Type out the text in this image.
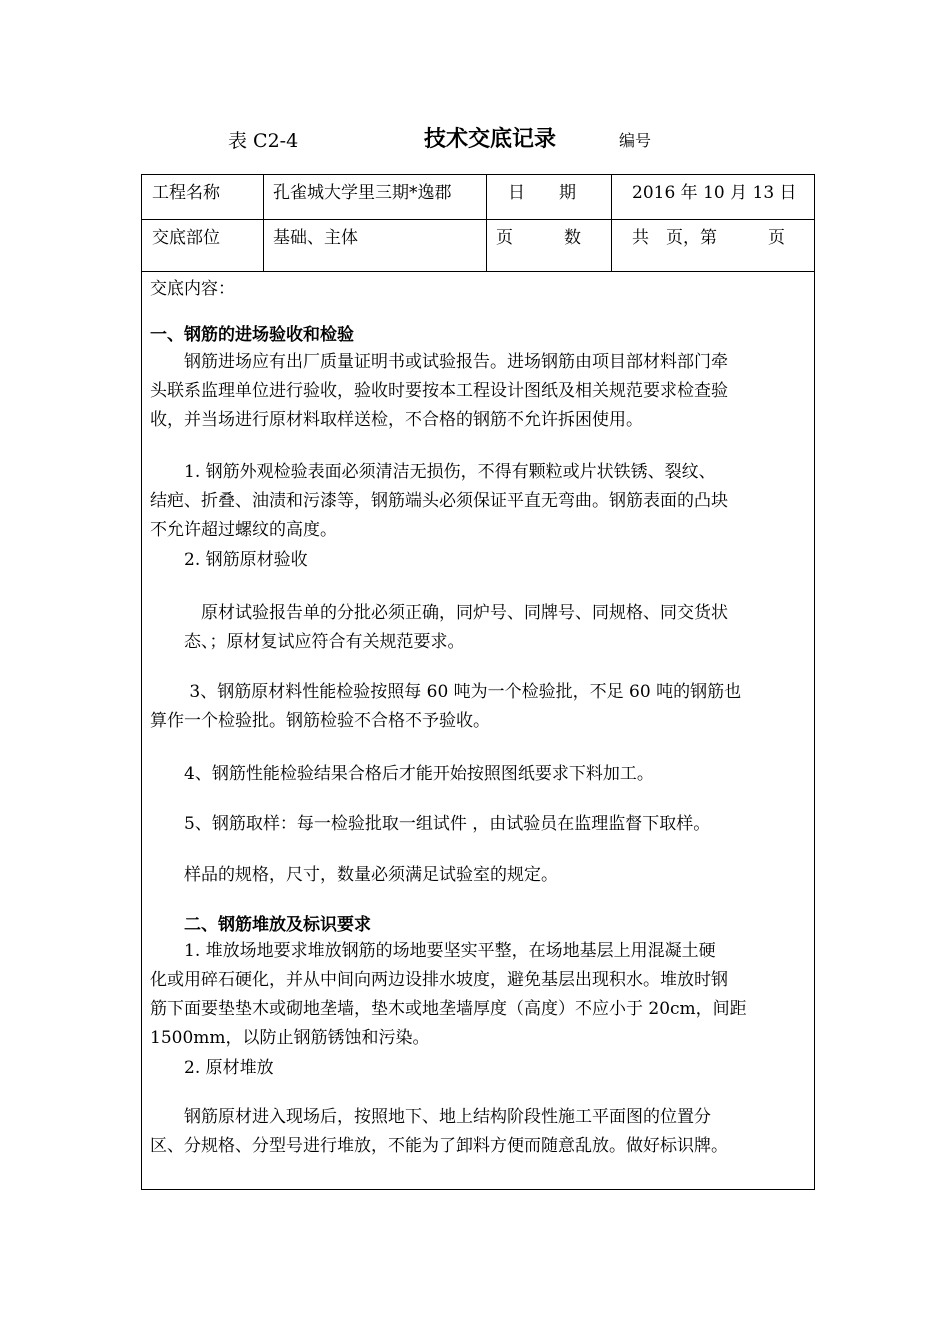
表 C2-4	技术交底记录	编号
工程名称	孔雀城大学里三期*逸郡	日　　期	2016 年 10 月 13 日
交底部位	基础、主体	页　　　数	共　页，第　　　页

交底内容：

一、钢筋的进场验收和检验

　　钢筋进场应有出厂质量证明书或试验报告。进场钢筋由项目部材料部门牵
头联系监理单位进行验收，验收时要按本工程设计图纸及相关规范要求检查验
收，并当场进行原材料取样送检，不合格的钢筋不允许拆困使用。

　　1. 钢筋外观检验表面必须清洁无损伤，不得有颗粒或片状铁锈、裂纹、
结疤、折叠、油渍和污漆等，钢筋端头必须保证平直无弯曲。钢筋表面的凸块
不允许超过螺纹的高度。

　　2. 钢筋原材验收

　　　原材试验报告单的分批必须正确，同炉号、同牌号、同规格、同交货状
　　态、；原材复试应符合有关规范要求。

　　 3、钢筋原材料性能检验按照每 60 吨为一个检验批，不足 60 吨的钢筋也
算作一个检验批。钢筋检验不合格不予验收。

　　4、钢筋性能检验结果合格后才能开始按照图纸要求下料加工。

　　5、钢筋取样：每一检验批取一组试件 ，由试验员在监理监督下取样。

　　样品的规格，尺寸，数量必须满足试验室的规定。

　　二、钢筋堆放及标识要求

　　1. 堆放场地要求堆放钢筋的场地要坚实平整，在场地基层上用混凝土硬
化或用碎石硬化，并从中间向两边设排水坡度，避免基层出现积水。堆放时钢
筋下面要垫垫木或砌地垄墙，垫木或地垄墙厚度（高度）不应小于 20cm，间距
1500mm，以防止钢筋锈蚀和污染。

　　2. 原材堆放

　　钢筋原材进入现场后，按照地下、地上结构阶段性施工平面图的位置分
区、分规格、分型号进行堆放，不能为了卸料方便而随意乱放。做好标识牌。
